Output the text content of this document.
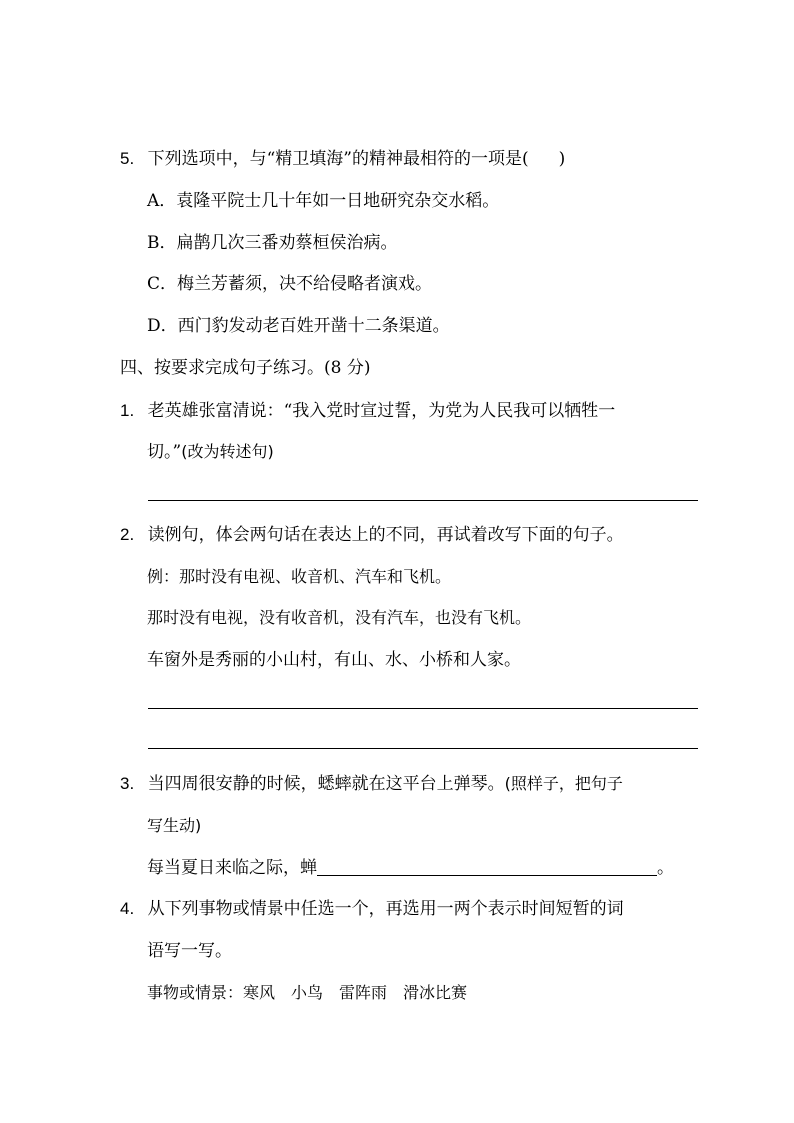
5. 下列选项中，与“精卫填海”的精神最相符的一项是( )
A．袁隆平院士几十年如一日地研究杂交水稻。
B．扁鹊几次三番劝蔡桓侯治病。
C．梅兰芳蓄须，决不给侵略者演戏。
D．西门豹发动老百姓开凿十二条渠道。
四、按要求完成句子练习。(8 分)
1. 老英雄张富清说：“我入党时宣过誓，为党为人民我可以牺牲一
切。”(改为转述句)
2. 读例句，体会两句话在表达上的不同，再试着改写下面的句子。
例：那时没有电视、收音机、汽车和飞机。
那时没有电视，没有收音机，没有汽车，也没有飞机。
车窗外是秀丽的小山村，有山、水、小桥和人家。
3. 当四周很安静的时候，蟋蟀就在这平台上弹琴。(照样子，把句子
写生动)
每当夏日来临之际，蝉	。
4. 从下列事物或情景中任选一个，再选用一两个表示时间短暂的词
语写一写。
事物或情景：寒风　小鸟　雷阵雨　滑冰比赛
